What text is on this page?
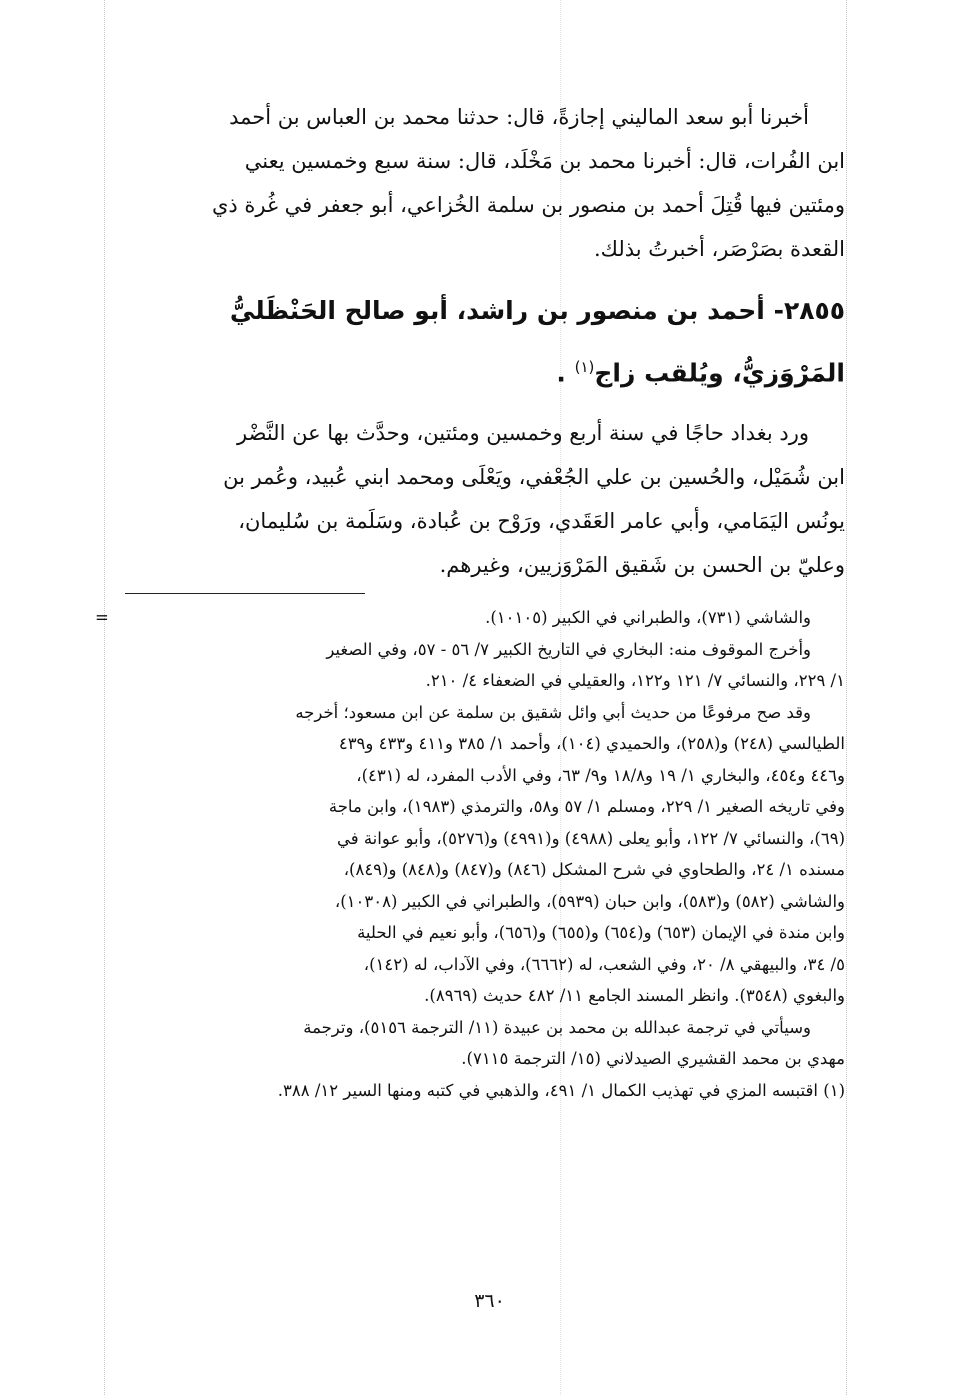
أخبرنا أبو سعد الماليني إجازةً، قال: حدثنا محمد بن العباس بن أحمد
ابن الفُرات، قال: أخبرنا محمد بن مَخْلَد، قال: سنة سبع وخمسين يعني
ومئتين فيها قُتِلَ أحمد بن منصور بن سلمة الخُزاعي، أبو جعفر في غُرة ذي
القعدة بصَرْصَر، أخبرتُ بذلك.

٢٨٥٥- أحمد بن منصور بن راشد، أبو صالح الحَنْظَليُّ
المَرْوَزيُّ، ويُلقب زاج$^{(١)}$ .

ورد بغداد حاجًا في سنة أربع وخمسين ومئتين، وحدَّث بها عن النَّضْر
ابن شُمَيْل، والحُسين بن علي الجُعْفي، ويَعْلَى ومحمد ابني عُبيد، وعُمر بن
يونُس اليَمَامي، وأبي عامر العَقَدي، ورَوْح بن عُبادة، وسَلَمة بن سُليمان،
وعليّ بن الحسن بن شَقيق المَرْوَزيين، وغيرهم.

=	والشاشي (٧٣١)، والطبراني في الكبير (١٠١٠٥).
وأخرج الموقوف منه: البخاري في التاريخ الكبير ٧/ ٥٦ - ٥٧، وفي الصغير
١/ ٢٢٩، والنسائي ٧/ ١٢١ و١٢٢، والعقيلي في الضعفاء ٤/ ٢١٠.
وقد صح مرفوعًا من حديث أبي وائل شقيق بن سلمة عن ابن مسعود؛ أخرجه
الطيالسي (٢٤٨) و(٢٥٨)، والحميدي (١٠٤)، وأحمد ١/ ٣٨٥ و٤١١ و٤٣٣ و٤٣٩
و٤٤٦ و٤٥٤، والبخاري ١/ ١٩ و١٨/٨ و٩/ ٦٣، وفي الأدب المفرد، له (٤٣١)،
وفي تاريخه الصغير ١/ ٢٢٩، ومسلم ١/ ٥٧ و٥٨، والترمذي (١٩٨٣)، وابن ماجة
(٦٩)، والنسائي ٧/ ١٢٢، وأبو يعلى (٤٩٨٨) و(٤٩٩١) و(٥٢٧٦)، وأبو عوانة في
مسنده ١/ ٢٤، والطحاوي في شرح المشكل (٨٤٦) و(٨٤٧) و(٨٤٨) و(٨٤٩)،
والشاشي (٥٨٢) و(٥٨٣)، وابن حبان (٥٩٣٩)، والطبراني في الكبير (١٠٣٠٨)،
وابن مندة في الإيمان (٦٥٣) و(٦٥٤) و(٦٥٥) و(٦٥٦)، وأبو نعيم في الحلية
٥/ ٣٤، والبيهقي ٨/ ٢٠، وفي الشعب، له (٦٦٦٢)، وفي الآداب، له (١٤٢)،
والبغوي (٣٥٤٨). وانظر المسند الجامع ١١/ ٤٨٢ حديث (٨٩٦٩).
وسيأتي في ترجمة عبدالله بن محمد بن عبيدة (١١/ الترجمة ٥١٥٦)، وترجمة
مهدي بن محمد القشيري الصيدلاني (١٥/ الترجمة ٧١١٥).
(١) اقتبسه المزي في تهذيب الكمال ١/ ٤٩١، والذهبي في كتبه ومنها السير ١٢/ ٣٨٨.
٣٦٠
